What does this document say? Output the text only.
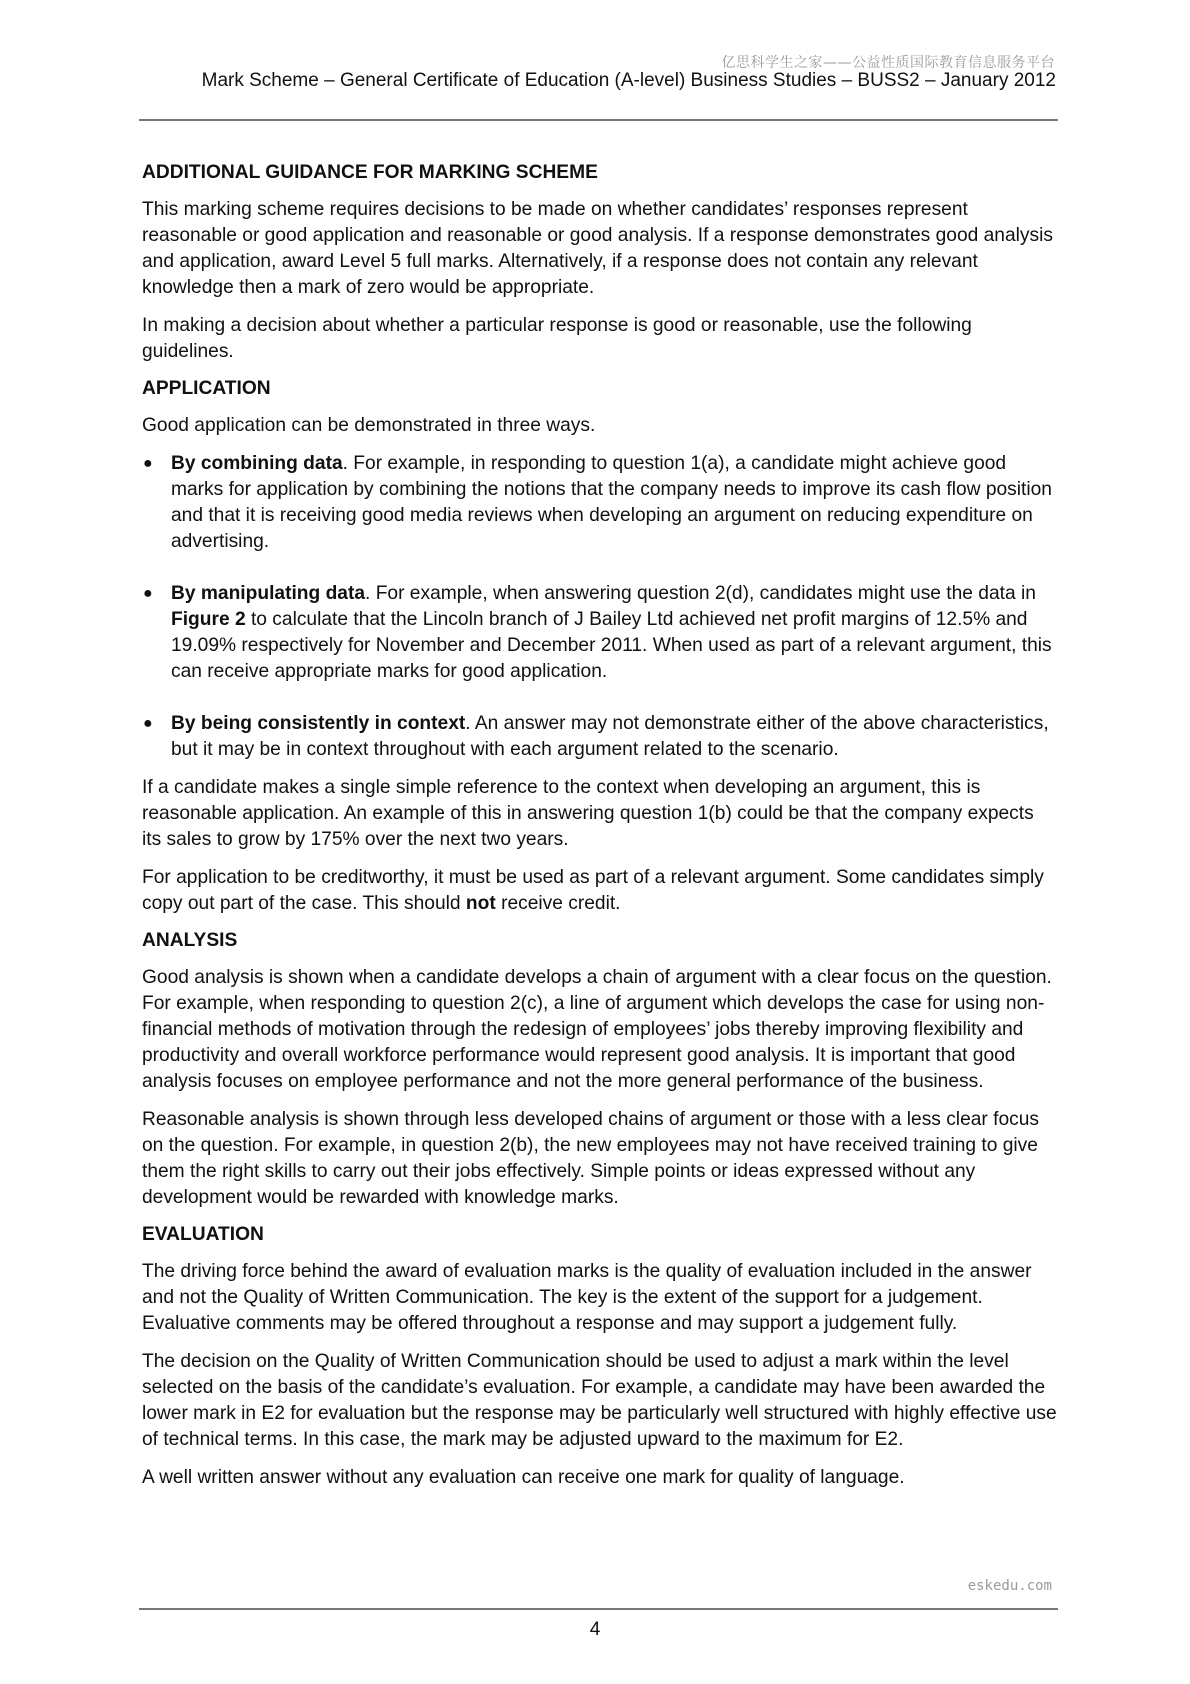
亿思科学生之家——公益性质国际教育信息服务平台
Mark Scheme – General Certificate of Education (A-level) Business Studies – BUSS2 – January 2012
ADDITIONAL GUIDANCE FOR MARKING SCHEME

This marking scheme requires decisions to be made on whether candidates’ responses represent reasonable or good application and reasonable or good analysis. If a response demonstrates good analysis and application, award Level 5 full marks. Alternatively, if a response does not contain any relevant knowledge then a mark of zero would be appropriate.

In making a decision about whether a particular response is good or reasonable, use the following guidelines.

APPLICATION

Good application can be demonstrated in three ways.

● By combining data. For example, in responding to question 1(a), a candidate might achieve good marks for application by combining the notions that the company needs to improve its cash flow position and that it is receiving good media reviews when developing an argument on reducing expenditure on advertising.
● By manipulating data. For example, when answering question 2(d), candidates might use the data in Figure 2 to calculate that the Lincoln branch of J Bailey Ltd achieved net profit margins of 12.5% and 19.09% respectively for November and December 2011. When used as part of a relevant argument, this can receive appropriate marks for good application.
● By being consistently in context. An answer may not demonstrate either of the above characteristics, but it may be in context throughout with each argument related to the scenario.

If a candidate makes a single simple reference to the context when developing an argument, this is reasonable application. An example of this in answering question 1(b) could be that the company expects its sales to grow by 175% over the next two years.

For application to be creditworthy, it must be used as part of a relevant argument. Some candidates simply copy out part of the case. This should not receive credit.

ANALYSIS

Good analysis is shown when a candidate develops a chain of argument with a clear focus on the question. For example, when responding to question 2(c), a line of argument which develops the case for using non-financial methods of motivation through the redesign of employees’ jobs thereby improving flexibility and productivity and overall workforce performance would represent good analysis. It is important that good analysis focuses on employee performance and not the more general performance of the business.

Reasonable analysis is shown through less developed chains of argument or those with a less clear focus on the question. For example, in question 2(b), the new employees may not have received training to give them the right skills to carry out their jobs effectively. Simple points or ideas expressed without any development would be rewarded with knowledge marks.

EVALUATION

The driving force behind the award of evaluation marks is the quality of evaluation included in the answer and not the Quality of Written Communication. The key is the extent of the support for a judgement. Evaluative comments may be offered throughout a response and may support a judgement fully.

The decision on the Quality of Written Communication should be used to adjust a mark within the level selected on the basis of the candidate’s evaluation. For example, a candidate may have been awarded the lower mark in E2 for evaluation but the response may be particularly well structured with highly effective use of technical terms. In this case, the mark may be adjusted upward to the maximum for E2.

A well written answer without any evaluation can receive one mark for quality of language.

eskedu.com
4
